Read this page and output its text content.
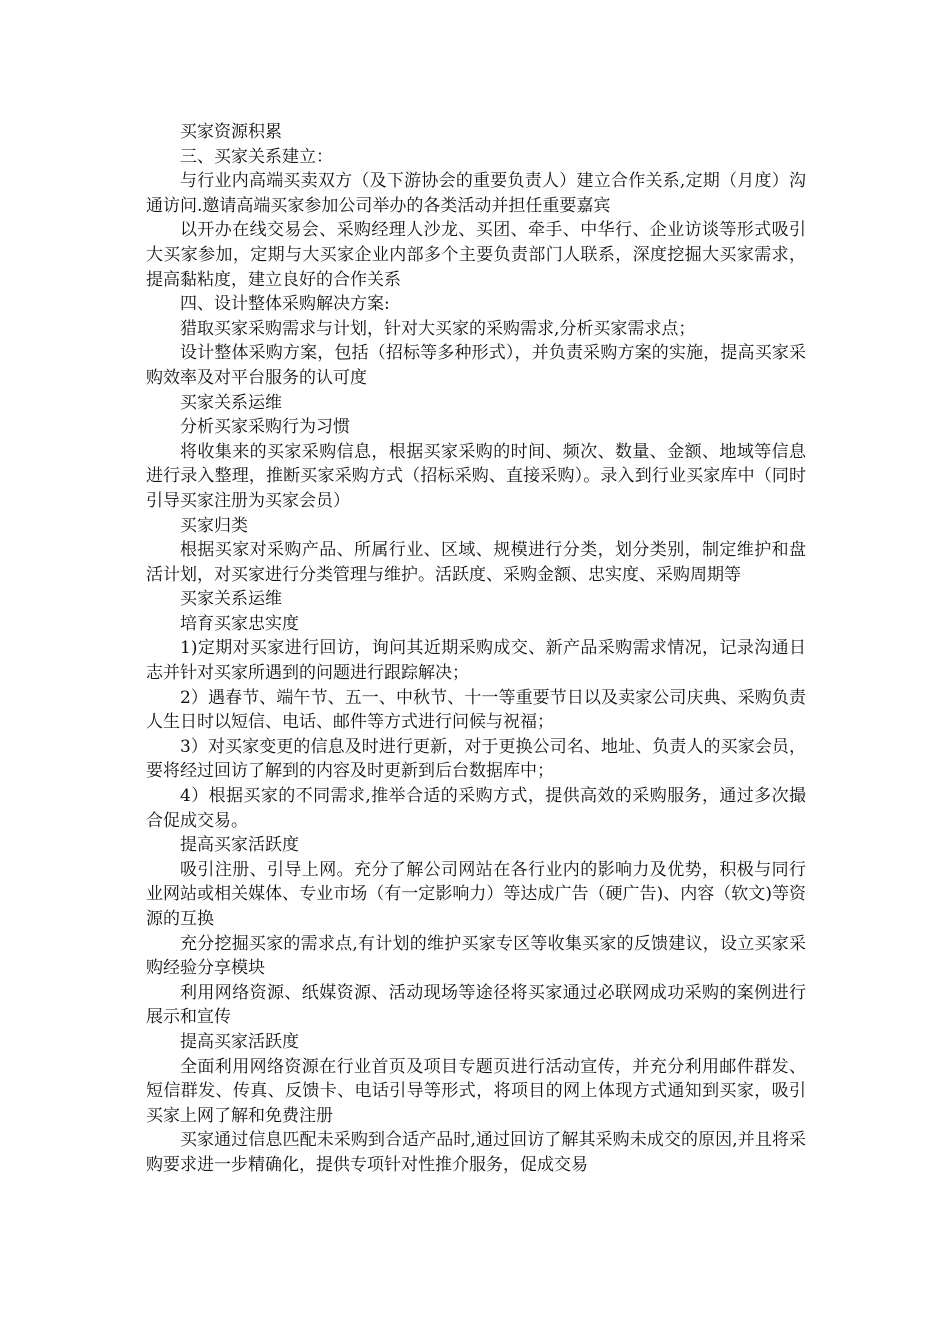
买家资源积累

三、买家关系建立：

与行业内高端买卖双方（及下游协会的重要负责人）建立合作关系,定期（月度）沟通访问.邀请高端买家参加公司举办的各类活动并担任重要嘉宾

以开办在线交易会、采购经理人沙龙、买团、牵手、中华行、企业访谈等形式吸引大买家参加，定期与大买家企业内部多个主要负责部门人联系，深度挖掘大买家需求，提高黏粘度，建立良好的合作关系

四、设计整体采购解决方案:

猎取买家采购需求与计划，针对大买家的采购需求,分析买家需求点；

设计整体采购方案，包括（招标等多种形式），并负责采购方案的实施，提高买家采购效率及对平台服务的认可度

买家关系运维

分析买家采购行为习惯

将收集来的买家采购信息，根据买家采购的时间、频次、数量、金额、地域等信息进行录入整理，推断买家采购方式（招标采购、直接采购）。录入到行业买家库中（同时引导买家注册为买家会员）

买家归类

根据买家对采购产品、所属行业、区域、规模进行分类，划分类别，制定维护和盘活计划，对买家进行分类管理与维护。活跃度、采购金额、忠实度、采购周期等

买家关系运维

培育买家忠实度

1)定期对买家进行回访，询问其近期采购成交、新产品采购需求情况，记录沟通日志并针对买家所遇到的问题进行跟踪解决；

2）遇春节、端午节、五一、中秋节、十一等重要节日以及卖家公司庆典、采购负责人生日时以短信、电话、邮件等方式进行问候与祝福；

3）对买家变更的信息及时进行更新，对于更换公司名、地址、负责人的买家会员，要将经过回访了解到的内容及时更新到后台数据库中；

4）根据买家的不同需求,推举合适的采购方式，提供高效的采购服务，通过多次撮合促成交易。

提高买家活跃度

吸引注册、引导上网。充分了解公司网站在各行业内的影响力及优势，积极与同行业网站或相关媒体、专业市场（有一定影响力）等达成广告（硬广告)、内容（软文)等资源的互换

充分挖掘买家的需求点,有计划的维护买家专区等收集买家的反馈建议，设立买家采购经验分享模块

利用网络资源、纸媒资源、活动现场等途径将买家通过必联网成功采购的案例进行展示和宣传

提高买家活跃度

全面利用网络资源在行业首页及项目专题页进行活动宣传，并充分利用邮件群发、短信群发、传真、反馈卡、电话引导等形式，将项目的网上体现方式通知到买家，吸引买家上网了解和免费注册

买家通过信息匹配未采购到合适产品时,通过回访了解其采购未成交的原因,并且将采购要求进一步精确化，提供专项针对性推介服务，促成交易
